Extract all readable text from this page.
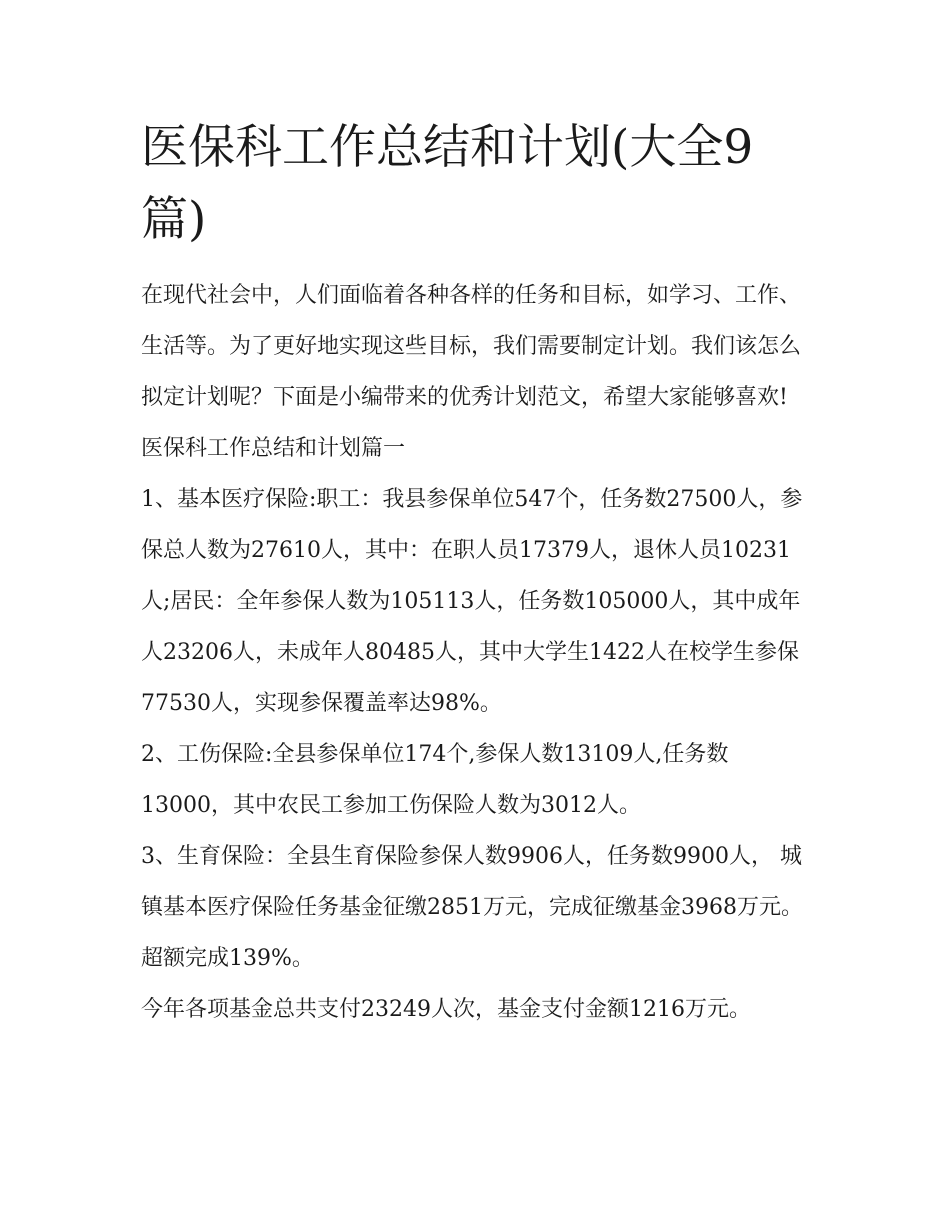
医保科工作总结和计划(大全9篇)

在现代社会中，人们面临着各种各样的任务和目标，如学习、工作、生活等。为了更好地实现这些目标，我们需要制定计划。我们该怎么拟定计划呢？下面是小编带来的优秀计划范文，希望大家能够喜欢!

医保科工作总结和计划篇一

1、基本医疗保险:职工：我县参保单位547个，任务数27500人，参保总人数为27610人，其中：在职人员17379人，退休人员10231人;居民：全年参保人数为105113人，任务数105000人，其中成年人23206人，未成年人80485人，其中大学生1422人在校学生参保77530人，实现参保覆盖率达98%。

2、工伤保险:全县参保单位174个,参保人数13109人,任务数13000，其中农民工参加工伤保险人数为3012人。

3、生育保险：全县生育保险参保人数9906人，任务数9900人， 城镇基本医疗保险任务基金征缴2851万元，完成征缴基金3968万元。超额完成139%。

今年各项基金总共支付23249人次，基金支付金额1216万元。
